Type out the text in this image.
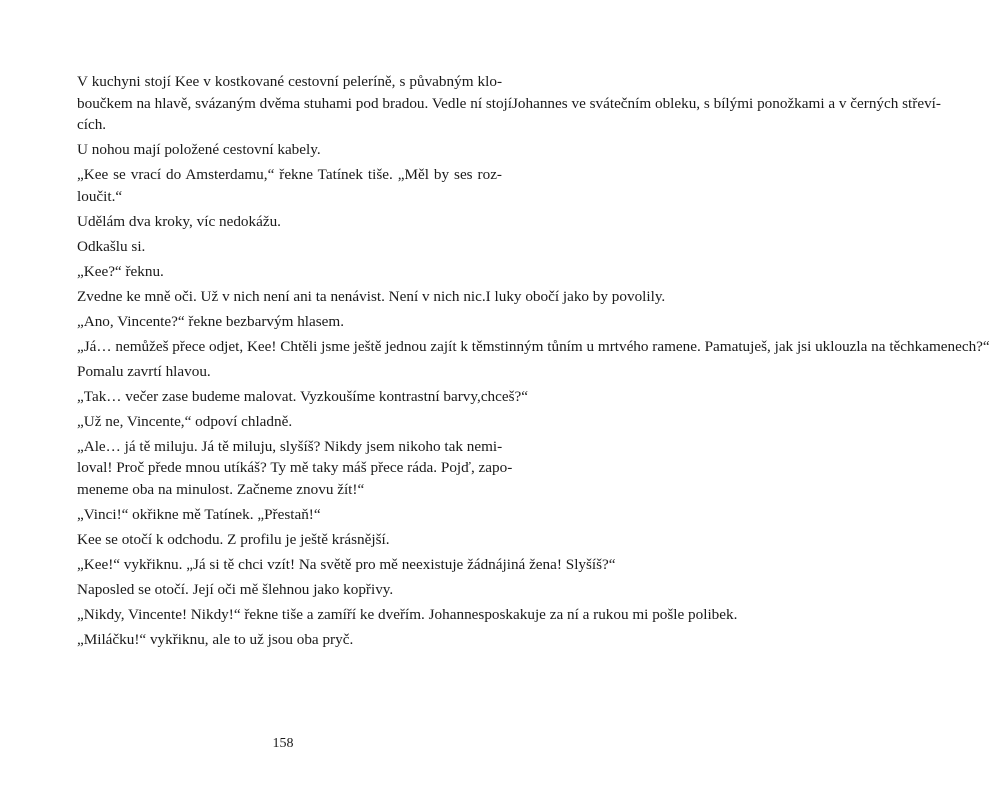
V kuchyni stojí Kee v kostkované cestovní peleríně, s půvabným klo-boučkem na hlavě, svázaným dvěma stuhami pod bradou. Vedle ní stojíJohannes ve svátečním obleku, s bílými ponožkami a v černých střeví-cích.
U nohou mají položené cestovní kabely.
„Kee se vrací do Amsterdamu,“ řekne Tatínek tiše. „Měl by ses roz-loučit.“
Udělám dva kroky, víc nedokážu.
Odkašlu si.
„Kee?“ řeknu.
Zvedne ke mně oči. Už v nich není ani ta nenávist. Není v nich nic.I luky obočí jako by povolily.
„Ano, Vincente?“ řekne bezbarvým hlasem.
„Já… nemůžeš přece odjet, Kee! Chtěli jsme ještě jednou zajít k těmstinným tůním u mrtvého ramene. Pamatuješ, jak jsi uklouzla na těchkamenech?“
Pomalu zavrtí hlavou.
„Tak… večer zase budeme malovat. Vyzkoušíme kontrastní barvy,chceš?“
„Už ne, Vincente,“ odpoví chladně.
„Ale… já tě miluju. Já tě miluju, slyšíš? Nikdy jsem nikoho tak nemi-loval! Proč přede mnou utíkáš? Ty mě taky máš přece ráda. Pojď, zapo-meneme oba na minulost. Začneme znovu žít!“
„Vinci!“ okřikne mě Tatínek. „Přestaň!“
Kee se otočí k odchodu. Z profilu je ještě krásnější.
„Kee!“ vykřiknu. „Já si tě chci vzít! Na světě pro mě neexistuje žádnájiná žena! Slyšíš?“
Naposled se otočí. Její oči mě šlehnou jako kopřivy.
„Nikdy, Vincente! Nikdy!“ řekne tiše a zamíří ke dveřím. Johannesposkakuje za ní a rukou mi pošle polibek.
„Miláčku!“ vykřiknu, ale to už jsou oba pryč.
158
